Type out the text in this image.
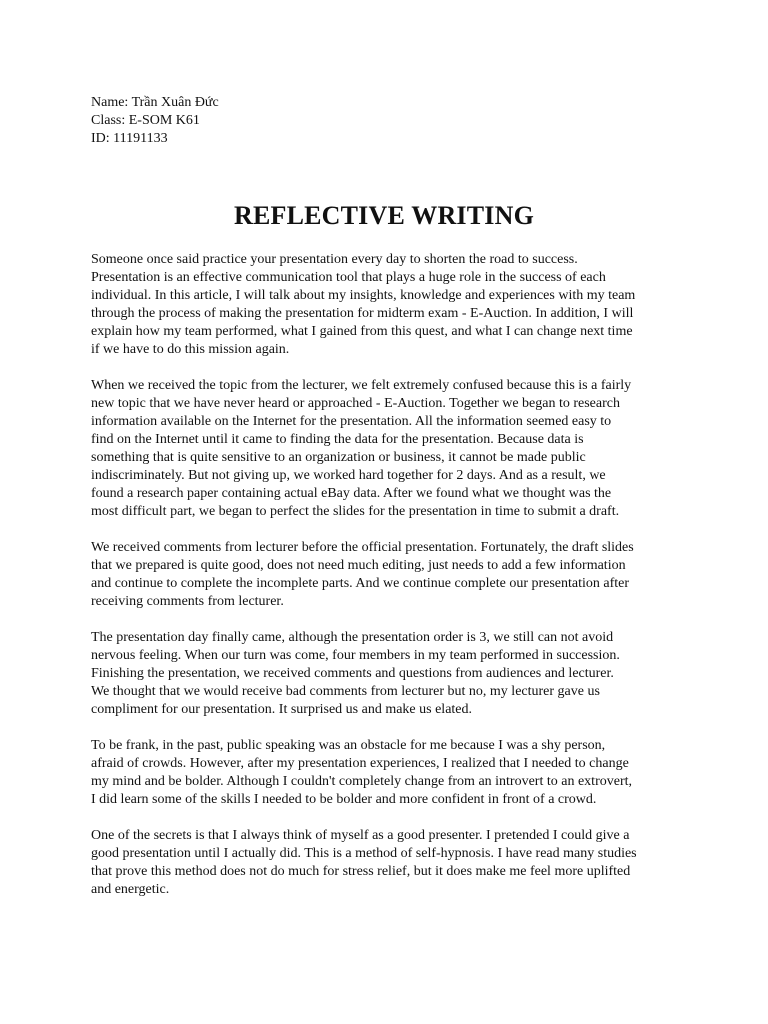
Name: Trần Xuân Đức
Class: E-SOM K61
ID: 11191133
REFLECTIVE WRITING

Someone once said practice your presentation every day to shorten the road to success.
Presentation is an effective communication tool that plays a huge role in the success of each
individual. In this article, I will talk about my insights, knowledge and experiences with my team
through the process of making the presentation for midterm exam - E-Auction. In addition, I will
explain how my team performed, what I gained from this quest, and what I can change next time
if we have to do this mission again.

When we received the topic from the lecturer, we felt extremely confused because this is a fairly
new topic that we have never heard or approached - E-Auction. Together we began to research
information available on the Internet for the presentation. All the information seemed easy to
find on the Internet until it came to finding the data for the presentation. Because data is
something that is quite sensitive to an organization or business, it cannot be made public
indiscriminately. But not giving up, we worked hard together for 2 days. And as a result, we
found a research paper containing actual eBay data. After we found what we thought was the
most difficult part, we began to perfect the slides for the presentation in time to submit a draft.

We received comments from lecturer before the official presentation. Fortunately, the draft slides
that we prepared is quite good, does not need much editing, just needs to add a few information
and continue to complete the incomplete parts. And we continue complete our presentation after
receiving comments from lecturer.

The presentation day finally came, although the presentation order is 3, we still can not avoid
nervous feeling. When our turn was come, four members in my team performed in succession.
Finishing the presentation, we received comments and questions from audiences and lecturer.
We thought that we would receive bad comments from lecturer but no, my lecturer gave us
compliment for our presentation. It surprised us and make us elated.

To be frank, in the past, public speaking was an obstacle for me because I was a shy person,
afraid of crowds. However, after my presentation experiences, I realized that I needed to change
my mind and be bolder. Although I couldn't completely change from an introvert to an extrovert,
I did learn some of the skills I needed to be bolder and more confident in front of a crowd.

One of the secrets is that I always think of myself as a good presenter. I pretended I could give a
good presentation until I actually did. This is a method of self-hypnosis. I have read many studies
that prove this method does not do much for stress relief, but it does make me feel more uplifted
and energetic.
